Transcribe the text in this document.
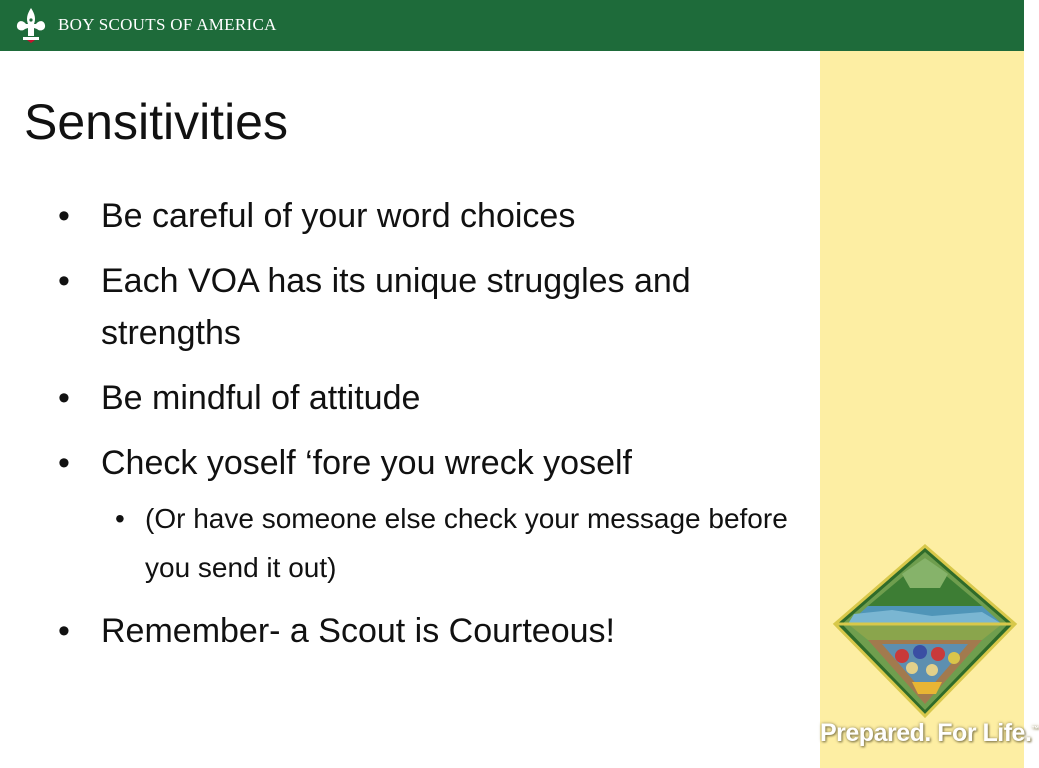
BOY SCOUTS OF AMERICA
Sensitivities
• Be careful of your word choices
• Each VOA has its unique struggles and strengths
• Be mindful of attitude
• Check yoself ‘fore you wreck yoself
• (Or have someone else check your message before you send it out)
• Remember- a Scout is Courteous!
Prepared. For Life.™
